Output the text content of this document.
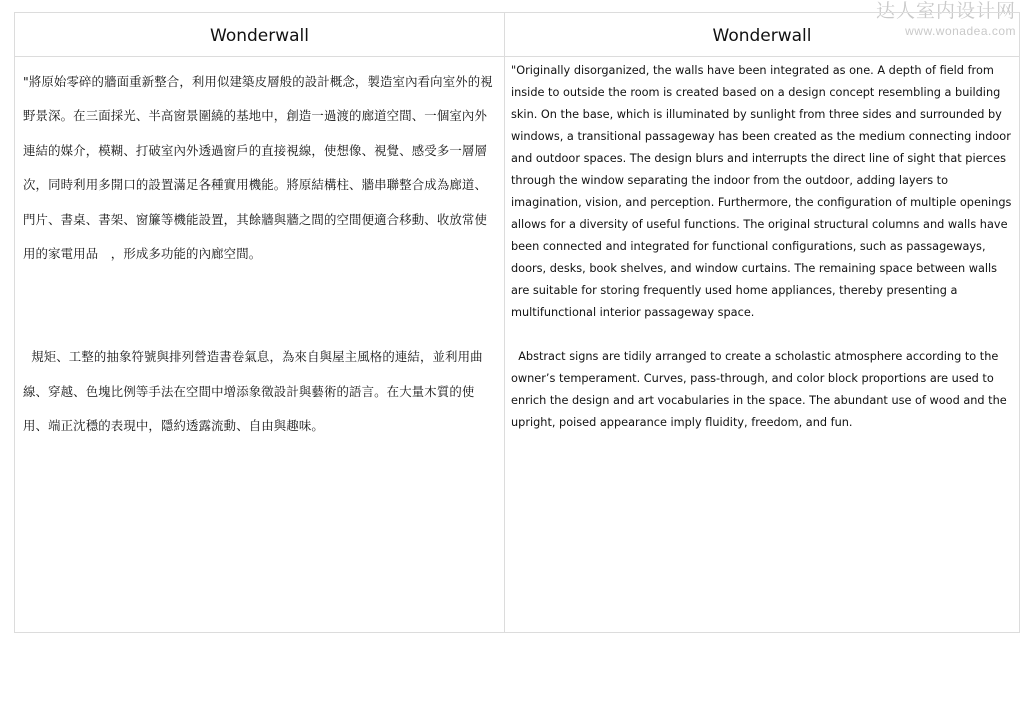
达人室内设计网
www.wonadea.com
Wonderwall	Wonderwall

"將原始零碎的牆面重新整合，利用似建築皮層般的設計概念，製造室內看向室外的視野景深。在三面採光、半高窗景圍繞的基地中，創造一過渡的廊道空間、一個室內外連結的媒介，模糊、打破室內外透過窗戶的直接視線，使想像、視覺、感受多一層層次，同時利用多開口的設置滿足各種實用機能。將原結構柱、牆串聯整合成為廊道、門片、書桌、書架、窗簾等機能設置，其餘牆與牆之間的空間便適合移動、收放常使用的家電用品　，形成多功能的內廊空間。

規矩、工整的抽象符號與排列營造書卷氣息，為來自與屋主風格的連結，並利用曲線、穿越、色塊比例等手法在空間中增添象徵設計與藝術的語言。在大量木質的使用、端正沈穩的表現中，隱約透露流動、自由與趣味。

"Originally disorganized, the walls have been integrated as one. A depth of field from inside to outside the room is created based on a design concept resembling a building skin. On the base, which is illuminated by sunlight from three sides and surrounded by windows, a transitional passageway has been created as the medium connecting indoor and outdoor spaces. The design blurs and interrupts the direct line of sight that pierces through the window separating the indoor from the outdoor, adding layers to imagination, vision, and perception. Furthermore, the configuration of multiple openings allows for a diversity of useful functions. The original structural columns and walls have been connected and integrated for functional configurations, such as passageways, doors, desks, book shelves, and window curtains. The remaining space between walls are suitable for storing frequently used home appliances, thereby presenting a multifunctional interior passageway space.

Abstract signs are tidily arranged to create a scholastic atmosphere according to the owner’s temperament. Curves, pass-through, and color block proportions are used to enrich the design and art vocabularies in the space. The abundant use of wood and the upright, poised appearance imply fluidity, freedom, and fun.
